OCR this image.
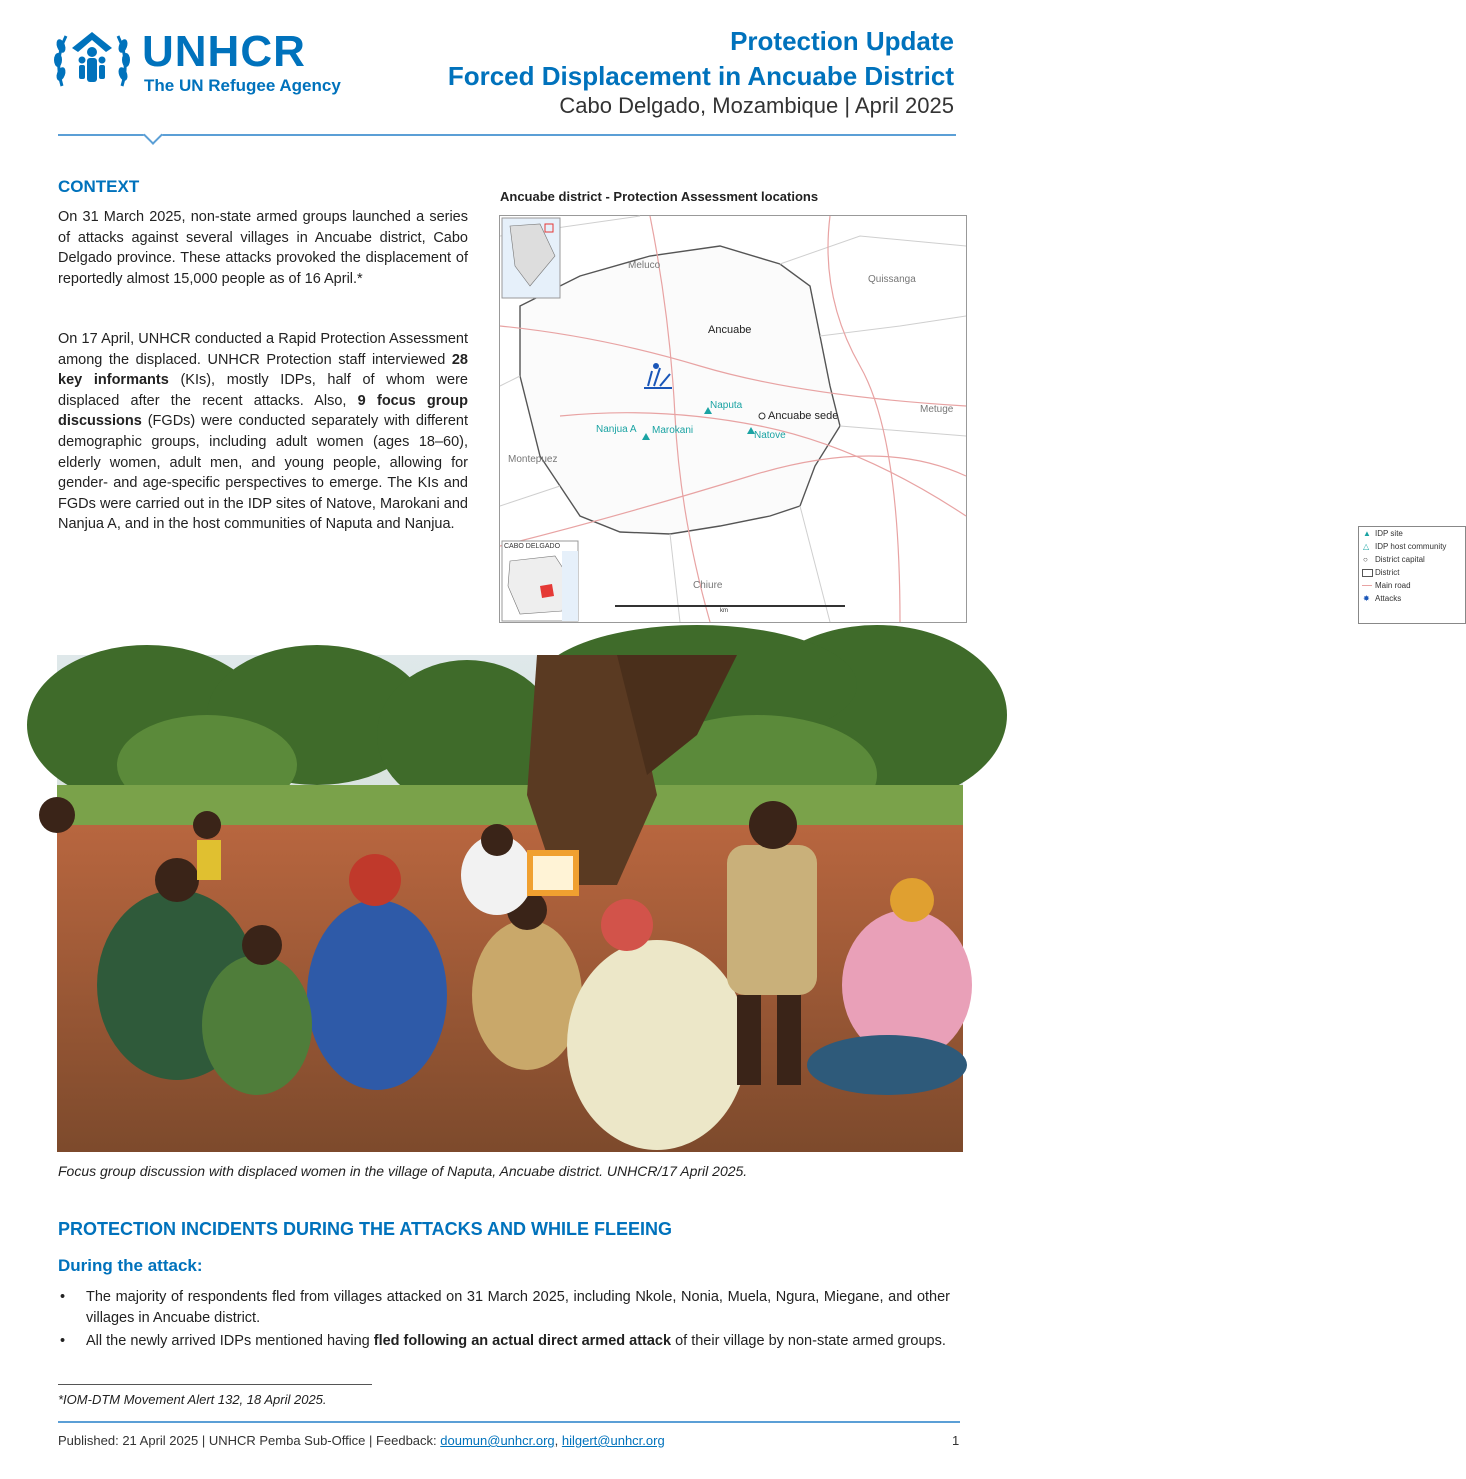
UNHCR
The UN Refugee Agency
Protection Update
Forced Displacement in Ancuabe District
Cabo Delgado, Mozambique | April 2025
CONTEXT
On 31 March 2025, non-state armed groups launched a series of attacks against several villages in Ancuabe district, Cabo Delgado province. These attacks provoked the displacement of reportedly almost 15,000 people as of 16 April.*
On 17 April, UNHCR conducted a Rapid Protection Assessment among the displaced. UNHCR Protection staff interviewed 28 key informants (KIs), mostly IDPs, half of whom were displaced after the recent attacks. Also, 9 focus group discussions (FGDs) were conducted separately with different demographic groups, including adult women (ages 18–60), elderly women, adult men, and young people, allowing for gender- and age-specific perspectives to emerge. The KIs and FGDs were carried out in the IDP sites of Natove, Marokani and Nanjua A, and in the host communities of Naputa and Nanjua.
Ancuabe district - Protection Assessment locations
Meluco
Quissanga
Ancuabe
Ancuabe sede
Metuge
Montepuez
Chiure
Naputa
Nanjua A Marokani	Natove
CABO DELGADO
km
▲ IDP site
△ IDP host community
○ District capital
District
Main road
✸ Attacks
Focus group discussion with displaced women in the village of Naputa, Ancuabe district. UNHCR/17 April 2025.
PROTECTION INCIDENTS DURING THE ATTACKS AND WHILE FLEEING
During the attack:
• The majority of respondents fled from villages attacked on 31 March 2025, including Nkole, Nonia, Muela, Ngura, Miegane, and other villages in Ancuabe district.
• All the newly arrived IDPs mentioned having fled following an actual direct armed attack of their village by non-state armed groups.
*IOM-DTM Movement Alert 132, 18 April 2025.
Published: 21 April 2025 | UNHCR Pemba Sub-Office | Feedback: doumun@unhcr.org, hilgert@unhcr.org	1
